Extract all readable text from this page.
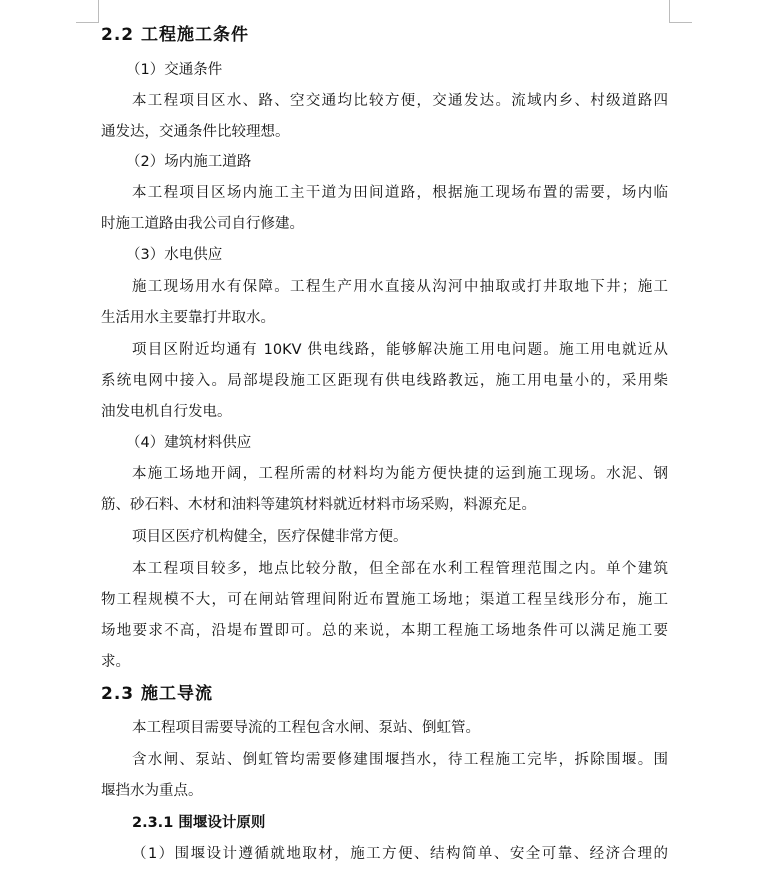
2.2 工程施工条件
（1）交通条件
本工程项目区水、路、空交通均比较方便，交通发达。流域内乡、村级道路四
通发达，交通条件比较理想。
（2）场内施工道路
本工程项目区场内施工主干道为田间道路，根据施工现场布置的需要，场内临
时施工道路由我公司自行修建。
（3）水电供应
施工现场用水有保障。工程生产用水直接从沟河中抽取或打井取地下井；施工
生活用水主要靠打井取水。
项目区附近均通有 10KV 供电线路，能够解决施工用电问题。施工用电就近从
系统电网中接入。局部堤段施工区距现有供电线路教远，施工用电量小的，采用柴
油发电机自行发电。
（4）建筑材料供应
本施工场地开阔，工程所需的材料均为能方便快捷的运到施工现场。水泥、钢
筋、砂石料、木材和油料等建筑材料就近材料市场采购，料源充足。
项目区医疗机构健全，医疗保健非常方便。
本工程项目较多，地点比较分散，但全部在水利工程管理范围之内。单个建筑
物工程规模不大，可在闸站管理间附近布置施工场地；渠道工程呈线形分布，施工
场地要求不高，沿堤布置即可。总的来说，本期工程施工场地条件可以满足施工要
求。
2.3 施工导流
本工程项目需要导流的工程包含水闸、泵站、倒虹管。
含水闸、泵站、倒虹管均需要修建围堰挡水，待工程施工完毕，拆除围堰。围
堰挡水为重点。
2.3.1 围堰设计原则
（1）围堰设计遵循就地取材，施工方便、结构简单、安全可靠、经济合理的
